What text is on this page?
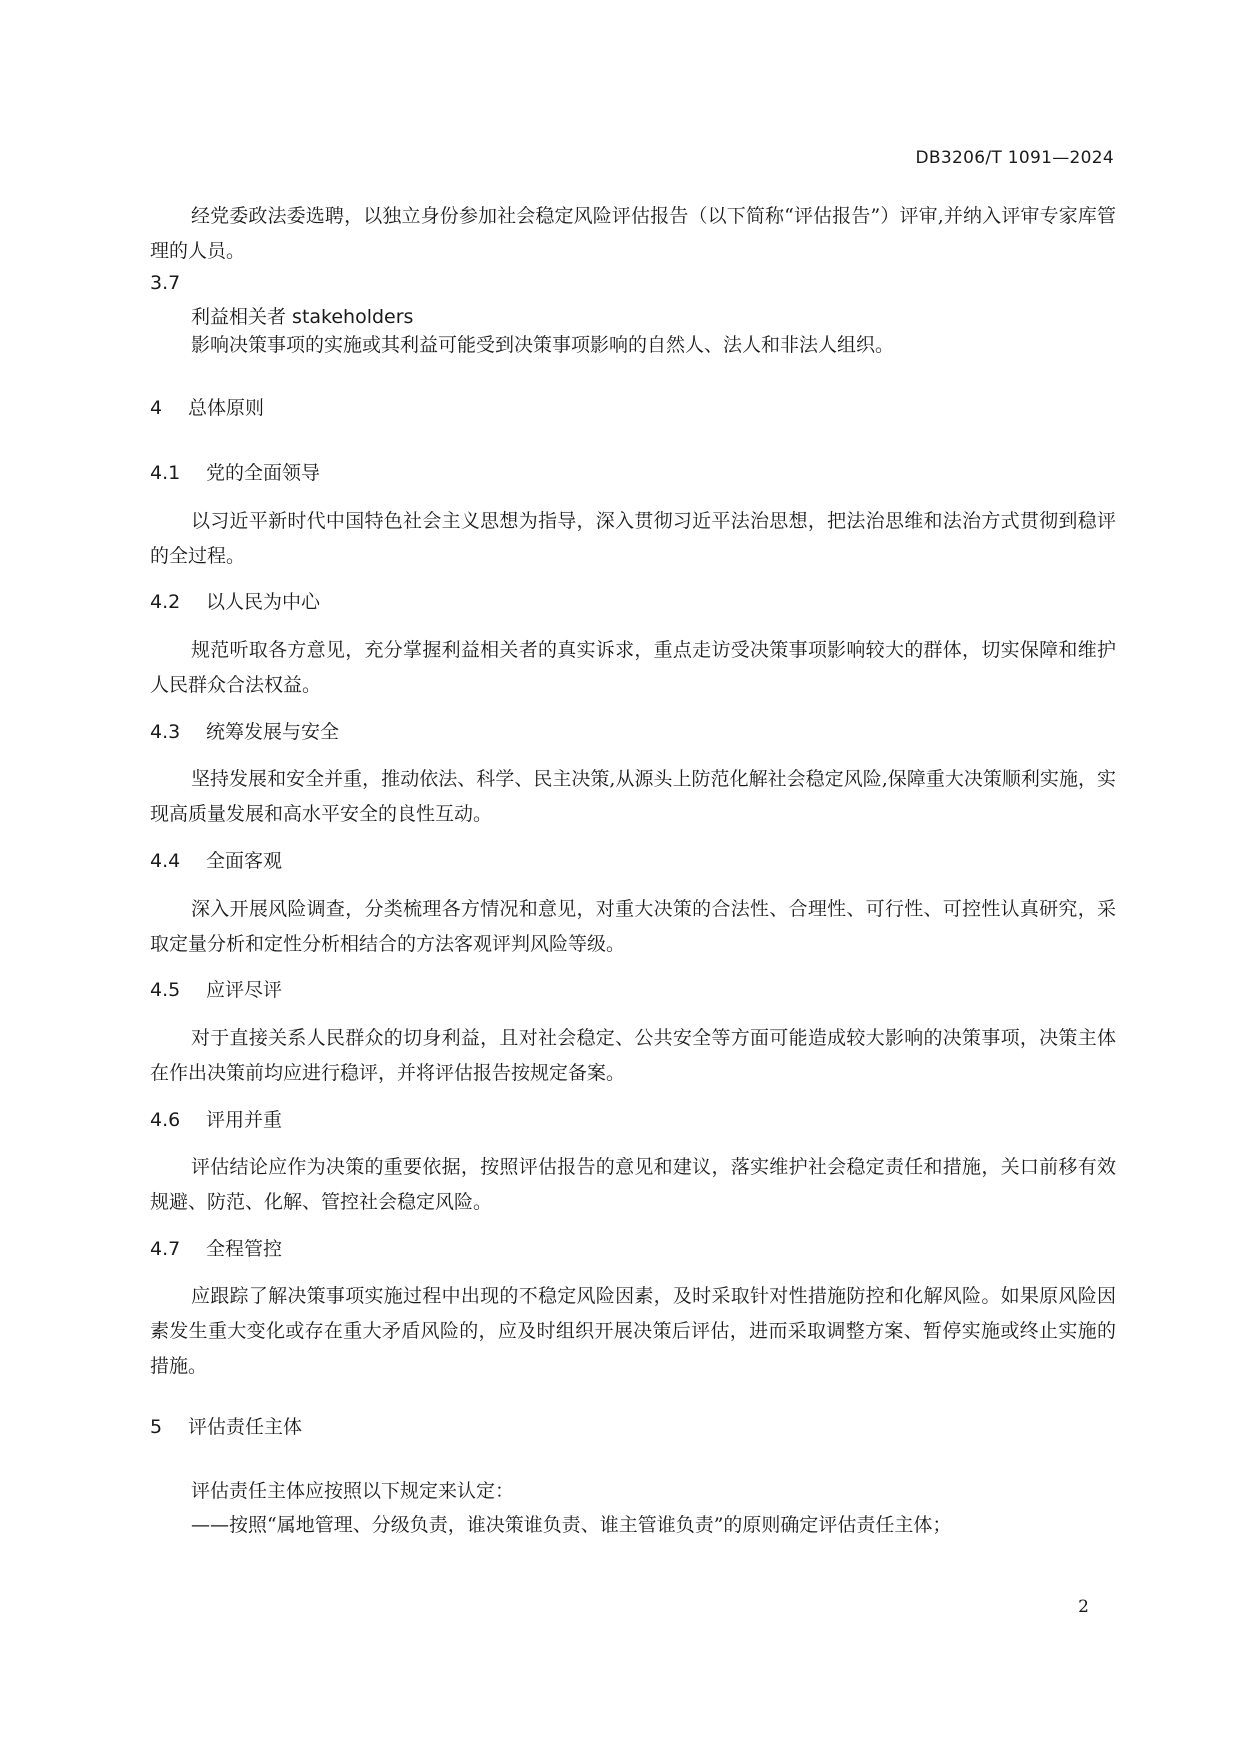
DB3206/T 1091—2024
经党委政法委选聘，以独立身份参加社会稳定风险评估报告（以下简称“评估报告”）评审,并纳入评审专家库管理的人员。
3.7
利益相关者 stakeholders
影响决策事项的实施或其利益可能受到决策事项影响的自然人、法人和非法人组织。
4 总体原则
4.1 党的全面领导
以习近平新时代中国特色社会主义思想为指导，深入贯彻习近平法治思想，把法治思维和法治方式贯彻到稳评的全过程。
4.2 以人民为中心
规范听取各方意见，充分掌握利益相关者的真实诉求，重点走访受决策事项影响较大的群体，切实保障和维护人民群众合法权益。
4.3 统筹发展与安全
坚持发展和安全并重，推动依法、科学、民主决策,从源头上防范化解社会稳定风险,保障重大决策顺利实施，实现高质量发展和高水平安全的良性互动。
4.4 全面客观
深入开展风险调查，分类梳理各方情况和意见，对重大决策的合法性、合理性、可行性、可控性认真研究，采取定量分析和定性分析相结合的方法客观评判风险等级。
4.5 应评尽评
对于直接关系人民群众的切身利益，且对社会稳定、公共安全等方面可能造成较大影响的决策事项，决策主体在作出决策前均应进行稳评，并将评估报告按规定备案。
4.6 评用并重
评估结论应作为决策的重要依据，按照评估报告的意见和建议，落实维护社会稳定责任和措施，关口前移有效规避、防范、化解、管控社会稳定风险。
4.7 全程管控
应跟踪了解决策事项实施过程中出现的不稳定风险因素，及时采取针对性措施防控和化解风险。如果原风险因素发生重大变化或存在重大矛盾风险的，应及时组织开展决策后评估，进而采取调整方案、暂停实施或终止实施的措施。
5 评估责任主体
评估责任主体应按照以下规定来认定：
——按照“属地管理、分级负责，谁决策谁负责、谁主管谁负责”的原则确定评估责任主体；
2
